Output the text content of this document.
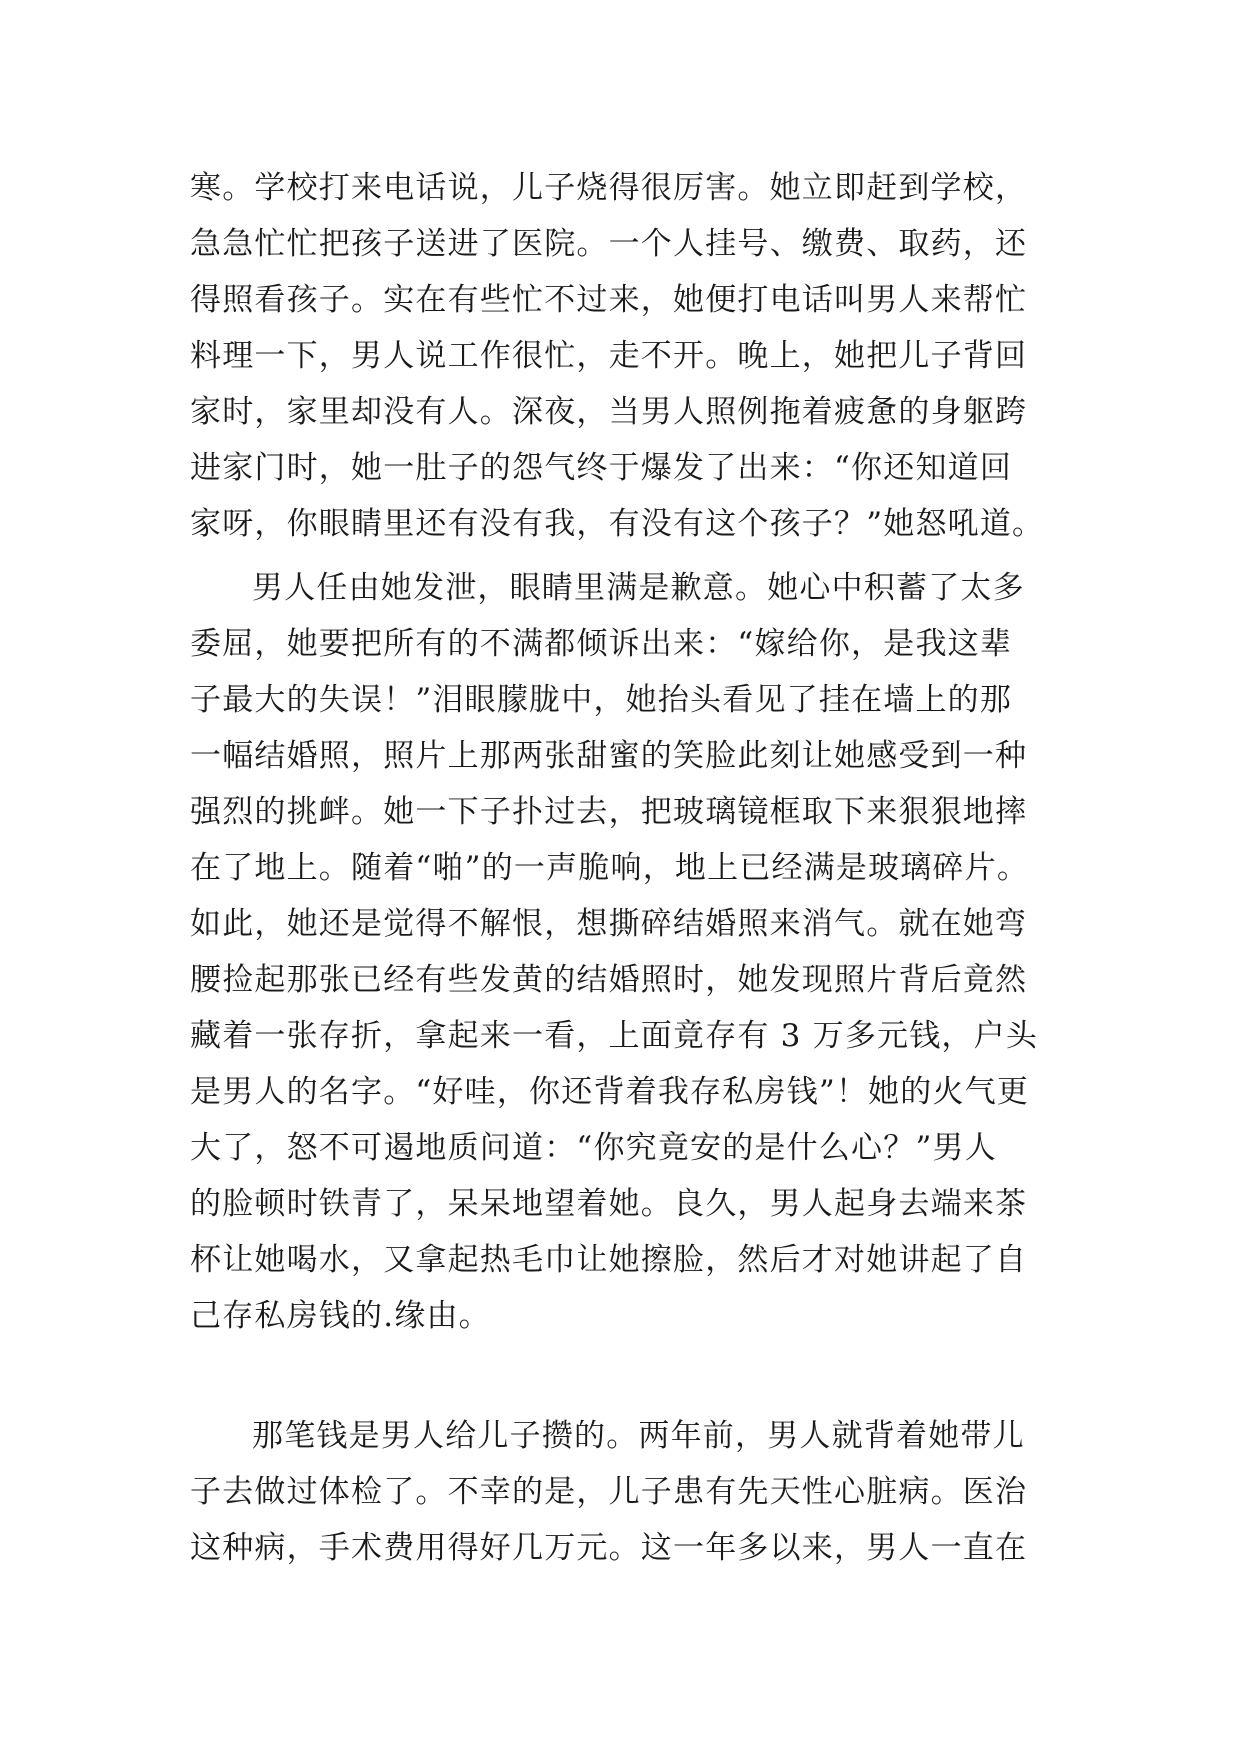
寒。学校打来电话说，儿子烧得很厉害。她立即赶到学校，
急急忙忙把孩子送进了医院。一个人挂号、缴费、取药，还
得照看孩子。实在有些忙不过来，她便打电话叫男人来帮忙
料理一下，男人说工作很忙，走不开。晚上，她把儿子背回
家时，家里却没有人。深夜，当男人照例拖着疲惫的身躯跨
进家门时，她一肚子的怨气终于爆发了出来：“你还知道回
家呀，你眼睛里还有没有我，有没有这个孩子？”她怒吼道。
男人任由她发泄，眼睛里满是歉意。她心中积蓄了太多
委屈，她要把所有的不满都倾诉出来：“嫁给你，是我这辈
子最大的失误！”泪眼朦胧中，她抬头看见了挂在墙上的那
一幅结婚照，照片上那两张甜蜜的笑脸此刻让她感受到一种
强烈的挑衅。她一下子扑过去，把玻璃镜框取下来狠狠地摔
在了地上。随着“啪”的一声脆响，地上已经满是玻璃碎片。
如此，她还是觉得不解恨，想撕碎结婚照来消气。就在她弯
腰捡起那张已经有些发黄的结婚照时，她发现照片背后竟然
藏着一张存折，拿起来一看，上面竟存有 3 万多元钱，户头
是男人的名字。“好哇，你还背着我存私房钱”！她的火气更
大了，怒不可遏地质问道：“你究竟安的是什么心？”男人
的脸顿时铁青了，呆呆地望着她。良久，男人起身去端来茶
杯让她喝水，又拿起热毛巾让她擦脸，然后才对她讲起了自
己存私房钱的.缘由。
那笔钱是男人给儿子攒的。两年前，男人就背着她带儿
子去做过体检了。不幸的是，儿子患有先天性心脏病。医治
这种病，手术费用得好几万元。这一年多以来，男人一直在
